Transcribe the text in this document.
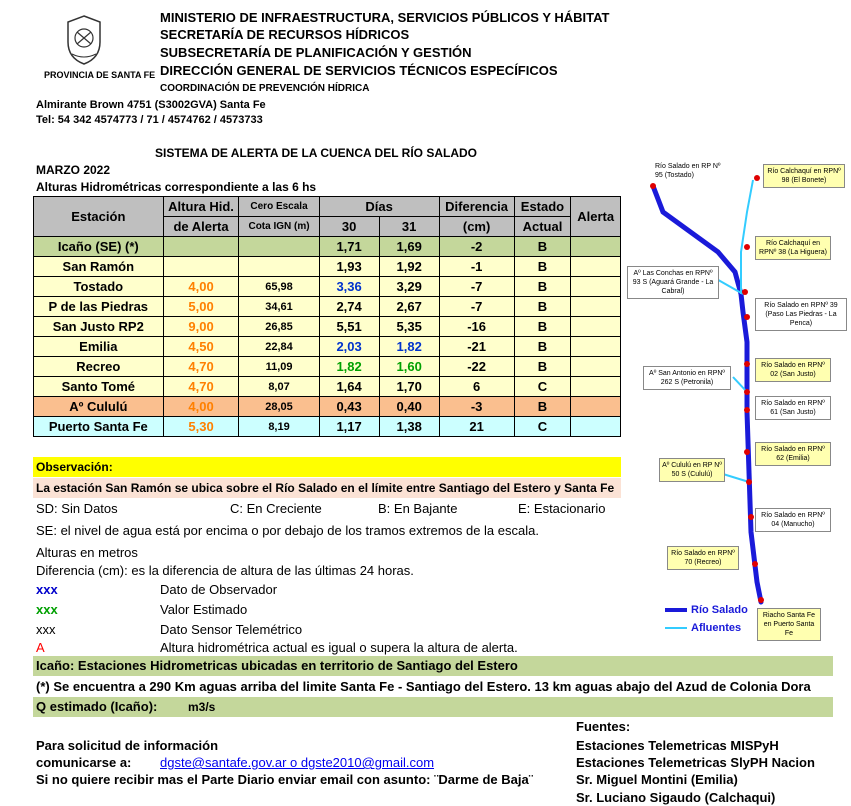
PROVINCIA DE SANTA FE
MINISTERIO DE INFRAESTRUCTURA, SERVICIOS PÚBLICOS Y HÁBITAT
SECRETARÍA DE RECURSOS HÍDRICOS
SUBSECRETARÍA DE PLANIFICACIÓN Y GESTIÓN
DIRECCIÓN GENERAL DE SERVICIOS TÉCNICOS ESPECÍFICOS
COORDINACIÓN DE PREVENCIÓN HÍDRICA
Almirante Brown 4751 (S3002GVA) Santa Fe
Tel: 54 342 4574773 / 71 / 4574762 / 4573733
SISTEMA DE ALERTA DE LA CUENCA DEL RÍO SALADO
MARZO 2022
Alturas Hidrométricas correspondiente a las 6 hs
Estación	Altura Hid.	Cero Escala	Días		Diferencia	Estado	Alerta
	de Alerta	Cota IGN (m)	30	31	(cm)	Actual	
Icaño (SE) (*)			1,71	1,69	-2	B	
San Ramón			1,93	1,92	-1	B	
Tostado	4,00	65,98	3,36	3,29	-7	B	
P de las Piedras	5,00	34,61	2,74	2,67	-7	B	
San Justo RP2	9,00	26,85	5,51	5,35	-16	B	
Emilia	4,50	22,84	2,03	1,82	-21	B	
Recreo	4,70	11,09	1,82	1,60	-22	B	
Santo Tomé	4,70	8,07	1,64	1,70	6	C	
Aº Cululú	4,00	28,05	0,43	0,40	-3	B	
Puerto Santa Fe	5,30	8,19	1,17	1,38	21	C	
Observación:
La estación San Ramón se ubica sobre el Río Salado en el límite entre Santiago del Estero y Santa Fe
SD: Sin Datos	C: En Creciente	B: En Bajante	E: Estacionario
SE: el nivel de agua está por encima o por debajo de los tramos extremos de la escala.
Alturas en metros
Diferencia (cm): es la diferencia de altura de las últimas 24 horas.
xxx	Dato de Observador
xxx	Valor Estimado
xxx	Dato Sensor Telemétrico
A	Altura hidrométrica actual es igual o supera la altura de alerta.
Icaño: Estaciones Hidrometricas ubicadas en territorio de Santiago del Estero
(*) Se encuentra a 290 Km aguas arriba del limite Santa Fe - Santiago del Estero. 13 km aguas abajo del Azud de Colonia Dora
Q estimado (Icaño):	m3/s
Fuentes:
Estaciones Telemetricas MISPyH
Estaciones Telemetricas SlyPH Nacion
Sr. Miguel Montini (Emilia)
Sr. Luciano Sigaudo (Calchaqui)
Para solicitud de información
comunicarse a: dgste@santafe.gov.ar o dgste2010@gmail.com
Si no quiere recibir mas el Parte Diario enviar email con asunto: ¨Darme de Baja¨
Río Salado en RP Nº 95 (Tostado)
Río Calchaquí en RPNº 98 (El Bonete)
Río Calchaquí en RPNº 38 (La Higuera)
Aº Las Conchas en RPNº 93 S (Aguará Grande - La Cabral)
Río Salado en RPNº 39 (Paso Las Piedras - La Penca)
Aº San Antonio en RPNº 262 S (Petronila)
Río Salado en RPNº 02 (San Justo)
Río Salado en RPNº 61 (San Justo)
Aº Cululú en RP Nº 50 S (Cululú)
Río Salado en RPNº 62 (Emilia)
Río Salado en RPNº 04 (Manucho)
Río Salado en RPNº 70 (Recreo)
Riacho Santa Fe en Puerto Santa Fe
Río Salado
Afluentes
